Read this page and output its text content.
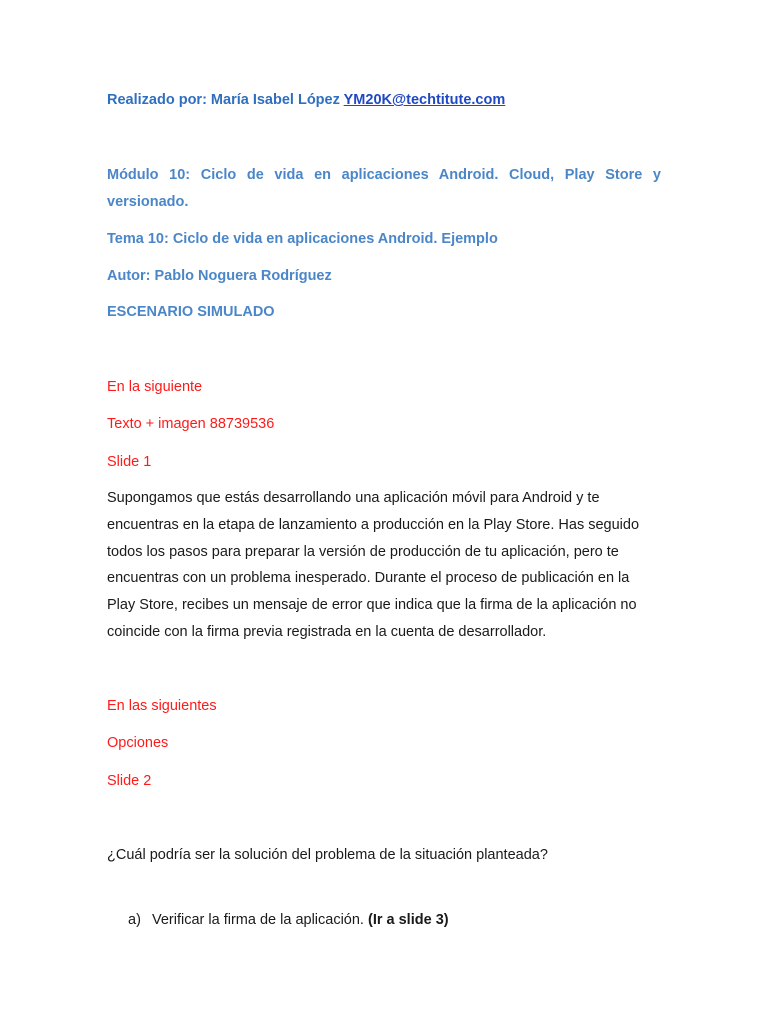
Realizado por: María Isabel López YM20K@techtitute.com
Módulo 10: Ciclo de vida en aplicaciones Android. Cloud, Play Store y
versionado.
Tema 10: Ciclo de vida en aplicaciones Android. Ejemplo
Autor: Pablo Noguera Rodríguez
ESCENARIO SIMULADO
En la siguiente
Texto + imagen 88739536
Slide 1
Supongamos que estás desarrollando una aplicación móvil para Android y te
encuentras en la etapa de lanzamiento a producción en la Play Store. Has seguido
todos los pasos para preparar la versión de producción de tu aplicación, pero te
encuentras con un problema inesperado. Durante el proceso de publicación en la
Play Store, recibes un mensaje de error que indica que la firma de la aplicación no
coincide con la firma previa registrada en la cuenta de desarrollador.
En las siguientes
Opciones
Slide 2
¿Cuál podría ser la solución del problema de la situación planteada?
a) Verificar la firma de la aplicación. (Ir a slide 3)
